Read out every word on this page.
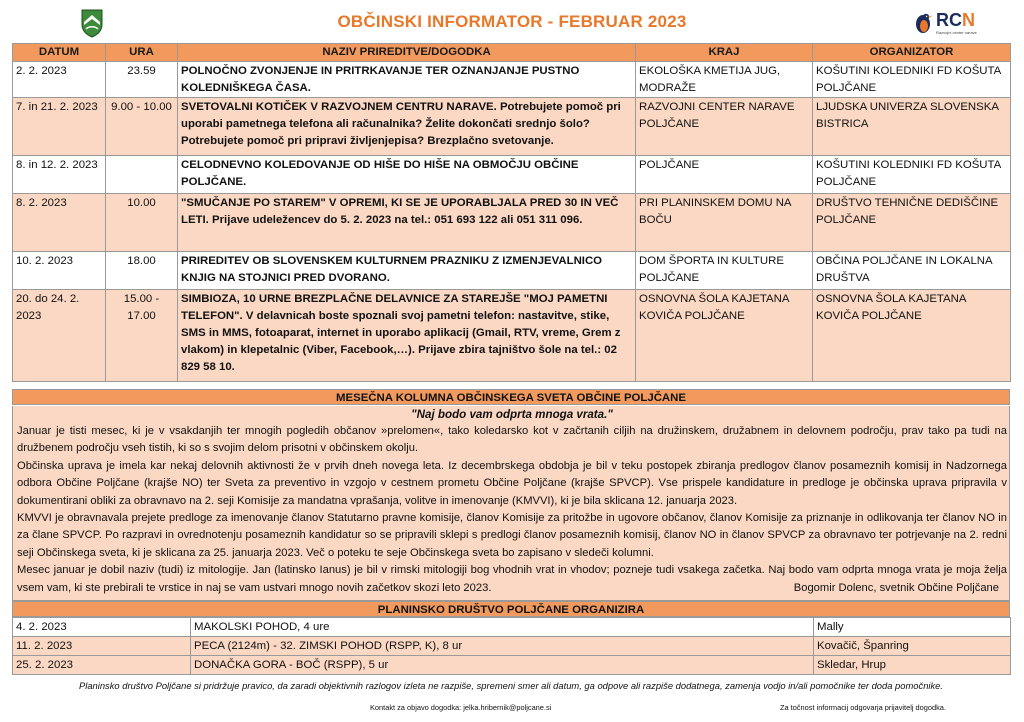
OBČINSKI INFORMATOR - FEBRUAR 2023	RCN
Razvojni center narave
DATUM	URA	NAZIV PRIREDITVE/DOGODKA	KRAJ	ORGANIZATOR
2. 2. 2023	23.59	POLNOČNO ZVONJENJE IN PRITRKAVANJE TER OZNANJANJE PUSTNO KOLEDNIŠKEGA ČASA.	EKOLOŠKA KMETIJA JUG, MODRAŽE	KOŠUTINI KOLEDNIKI FD KOŠUTA POLJČANE
7. in 21. 2. 2023	9.00 - 10.00	SVETOVALNI KOTIČEK V RAZVOJNEM CENTRU NARAVE. Potrebujete pomoč pri uporabi pametnega telefona ali računalnika? Želite dokončati srednjo šolo? Potrebujete pomoč pri pripravi življenjepisa? Brezplačno svetovanje.	RAZVOJNI CENTER NARAVE POLJČANE	LJUDSKA UNIVERZA SLOVENSKA BISTRICA
8. in 12. 2. 2023		CELODNEVNO KOLEDOVANJE OD HIŠE DO HIŠE NA OBMOČJU OBČINE POLJČANE.	POLJČANE	KOŠUTINI KOLEDNIKI FD KOŠUTA POLJČANE
8. 2. 2023	10.00	"SMUČANJE PO STAREM" V OPREMI, KI SE JE UPORABLJALA PRED 30 IN VEČ LETI. Prijave udeležencev do 5. 2. 2023 na tel.: 051 693 122 ali 051 311 096.	PRI PLANINSKEM DOMU NA BOČU	DRUŠTVO TEHNIČNE DEDIŠČINE POLJČANE
10. 2. 2023	18.00	PRIREDITEV OB SLOVENSKEM KULTURNEM PRAZNIKU Z IZMENJEVALNICO KNJIG NA STOJNICI PRED DVORANO.	DOM ŠPORTA IN KULTURE POLJČANE	OBČINA POLJČANE IN LOKALNA DRUŠTVA
20. do 24. 2. 2023	15.00 - 17.00	SIMBIOZA, 10 URNE BREZPLAČNE DELAVNICE ZA STAREJŠE "MOJ PAMETNI TELEFON". V delavnicah boste spoznali svoj pametni telefon: nastavitve, stike, SMS in MMS, fotoaparat, internet in uporabo aplikacij (Gmail, RTV, vreme, Grem z vlakom) in klepetalnic (Viber, Facebook,…). Prijave zbira tajništvo šole na tel.: 02 829 58 10.	OSNOVNA ŠOLA KAJETANA KOVIČA POLJČANE	OSNOVNA ŠOLA KAJETANA KOVIČA POLJČANE
MESEČNA KOLUMNA OBČINSKEGA SVETA OBČINE POLJČANE
"Naj bodo vam odprta mnoga vrata."

Januar je tisti mesec, ki je v vsakdanjih ter mnogih pogledih občanov »prelomen«, tako koledarsko kot v začrtanih ciljih na družinskem, družabnem in delovnem področju, prav tako pa tudi na družbenem področju vseh tistih, ki so s svojim delom prisotni v občinskem okolju.

Občinska uprava je imela kar nekaj delovnih aktivnosti že v prvih dneh novega leta. Iz decembrskega obdobja je bil v teku postopek zbiranja predlogov članov posameznih komisij in Nadzornega odbora Občine Poljčane (krajše NO) ter Sveta za preventivo in vzgojo v cestnem prometu Občine Poljčane (krajše SPVCP). Vse prispele kandidature in predloge je občinska uprava pripravila v dokumentirani obliki za obravnavo na 2. seji Komisije za mandatna vprašanja, volitve in imenovanje (KMVVI), ki je bila sklicana 12. januarja 2023.

KMVVI je obravnavala prejete predloge za imenovanje članov Statutarno pravne komisije, članov Komisije za pritožbe in ugovore občanov, članov Komisije za priznanje in odlikovanja ter članov NO in za člane SPVCP. Po razpravi in ovrednotenju posameznih kandidatur so se pripravili sklepi s predlogi članov posameznih komisij, članov NO in članov SPVCP za obravnavo ter potrjevanje na 2. redni seji Občinskega sveta, ki je sklicana za 25. januarja 2023. Več o poteku te seje Občinskega sveta bo zapisano v sledeči kolumni.

Mesec januar je dobil naziv (tudi) iz mitologije. Jan (latinsko Ianus) je bil v rimski mitologiji bog vhodnih vrat in vhodov; pozneje tudi vsakega začetka. Naj bodo vam odprta mnoga vrata je moja želja vsem vam, ki ste prebirali te vrstice in naj se vam ustvari mnogo novih začetkov skozi leto 2023.	Bogomir Dolenc, svetnik Občine Poljčane
PLANINSKO DRUŠTVO POLJČANE ORGANIZIRA
4. 2. 2023	MAKOLSKI POHOD, 4 ure	Mally
11. 2. 2023	PECA (2124m) - 32. ZIMSKI POHOD (RSPP, K), 8 ur	Kovačič, Španring
25. 2. 2023	DONAČKA GORA - BOČ (RSPP), 5 ur	Skledar, Hrup
Planinsko društvo Poljčane si pridržuje pravico, da zaradi objektivnih razlogov izleta ne razpiše, spremeni smer ali datum, ga odpove ali razpiše dodatnega, zamenja vodjo in/ali pomočnike ter doda pomočnike.
Kontakt za objavo dogodka: jelka.hribernik@poljcane.si	Za točnost informacij odgovarja prijavitelj dogodka.
